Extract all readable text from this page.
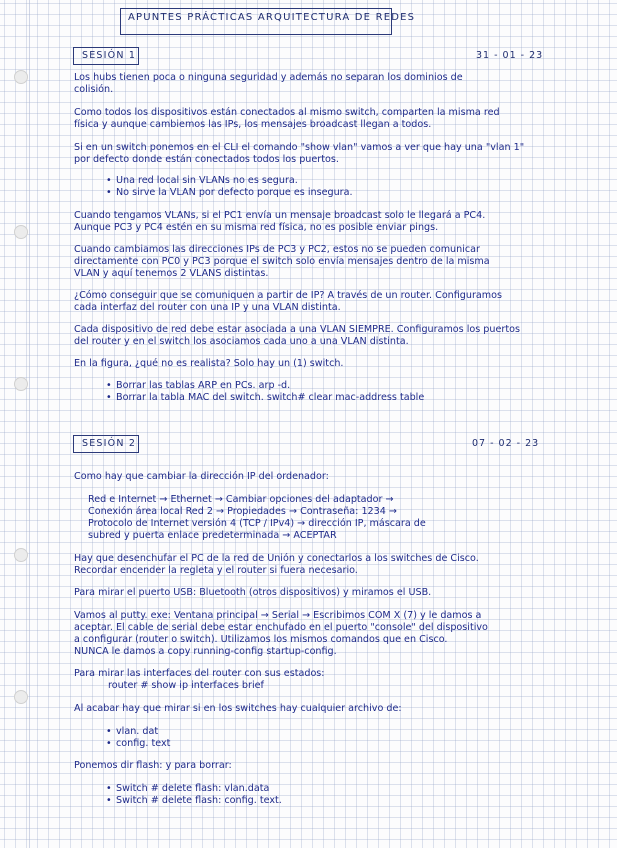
APUNTES PRÁCTICAS ARQUITECTURA DE REDES
SESIÓN 1	31 - 01 - 23
Los hubs tienen poca o ninguna seguridad y además no separan los dominios de
colisión.
Como todos los dispositivos están conectados al mismo switch, comparten la misma red
física y aunque cambiemos las IPs, los mensajes broadcast llegan a todos.
Si en un switch ponemos en el CLI el comando "show vlan" vamos a ver que hay una "vlan 1"
por defecto donde están conectados todos los puertos.
• Una red local sin VLANs no es segura.
• No sirve la VLAN por defecto porque es insegura.
Cuando tengamos VLANs, si el PC1 envía un mensaje broadcast solo le llegará a PC4.
Aunque PC3 y PC4 estén en su misma red física, no es posible enviar pings.
Cuando cambiamos las direcciones IPs de PC3 y PC2, estos no se pueden comunicar
directamente con PC0 y PC3 porque el switch solo envía mensajes dentro de la misma
VLAN y aquí tenemos 2 VLANS distintas.
¿Cómo conseguir que se comuniquen a partir de IP? A través de un router. Configuramos
cada interfaz del router con una IP y una VLAN distinta.
Cada dispositivo de red debe estar asociada a una VLAN SIEMPRE. Configuramos los puertos
del router y en el switch los asociamos cada uno a una VLAN distinta.
En la figura, ¿qué no es realista? Solo hay un (1) switch.
• Borrar las tablas ARP en PCs. arp -d.
• Borrar la tabla MAC del switch. switch# clear mac-address table
SESIÓN 2	07 - 02 - 23
Como hay que cambiar la dirección IP del ordenador:
Red e Internet → Ethernet → Cambiar opciones del adaptador →
Conexión área local Red 2 → Propiedades → Contraseña: 1234 →
Protocolo de Internet versión 4 (TCP / IPv4) → dirección IP, máscara de
subred y puerta enlace predeterminada → ACEPTAR
Hay que desenchufar el PC de la red de Unión y conectarlos a los switches de Cisco.
Recordar encender la regleta y el router si fuera necesario.
Para mirar el puerto USB: Bluetooth (otros dispositivos) y miramos el USB.
Vamos al putty. exe: Ventana principal → Serial → Escribimos COM X (7) y le damos a
aceptar. El cable de serial debe estar enchufado en el puerto "console" del dispositivo
a configurar (router o switch). Utilizamos los mismos comandos que en Cisco.
NUNCA le damos a copy running-config startup-config.
Para mirar las interfaces del router con sus estados:
router # show ip interfaces brief
Al acabar hay que mirar si en los switches hay cualquier archivo de:
• vlan. dat
• config. text
Ponemos dir flash: y para borrar:
• Switch # delete flash: vlan.data
• Switch # delete flash: config. text.
